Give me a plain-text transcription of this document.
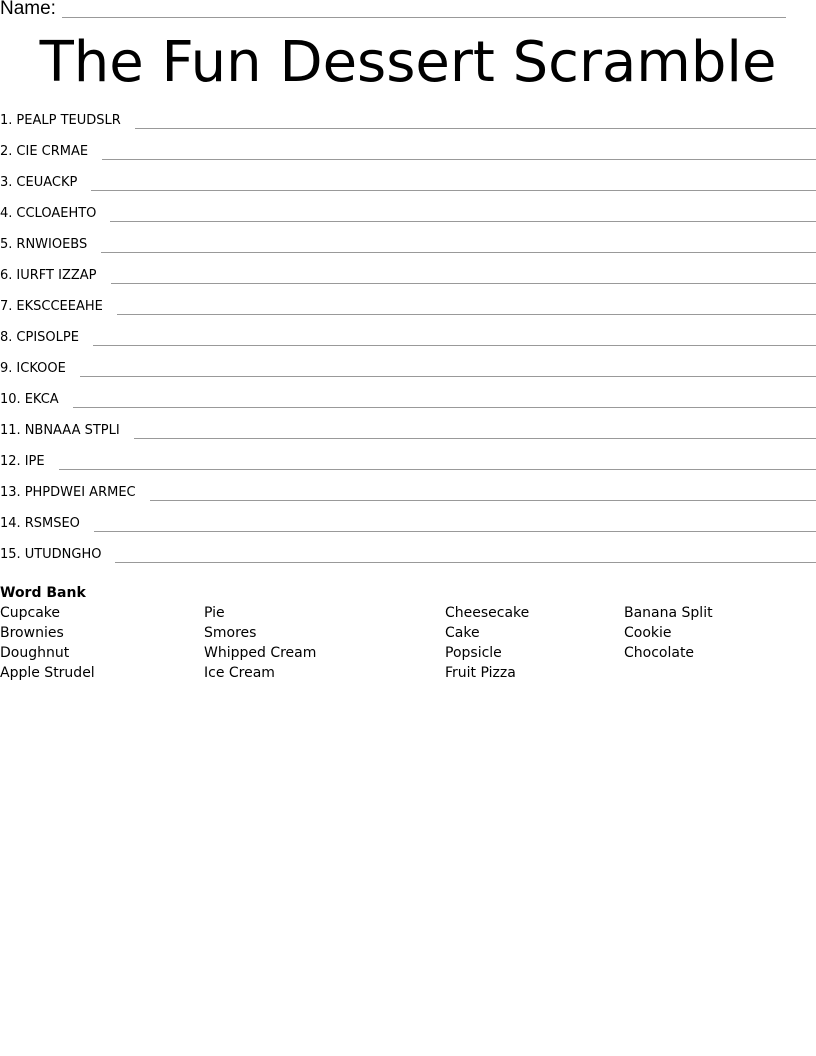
Name:
The Fun Dessert Scramble
1. PEALP TEUDSLR
2. CIE CRMAE
3. CEUACKP
4. CCLOAEHTO
5. RNWIOEBS
6. IURFT IZZAP
7. EKSCCEEAHE
8. CPISOLPE
9. ICKOOE
10. EKCA
11. NBNAAA STPLI
12. IPE
13. PHPDWEI ARMEC
14. RSMSEO
15. UTUDNGHO
Word Bank
Cupcake
Brownies
Doughnut
Apple Strudel
Pie
Smores
Whipped Cream
Ice Cream
Cheesecake
Cake
Popsicle
Fruit Pizza
Banana Split
Cookie
Chocolate
